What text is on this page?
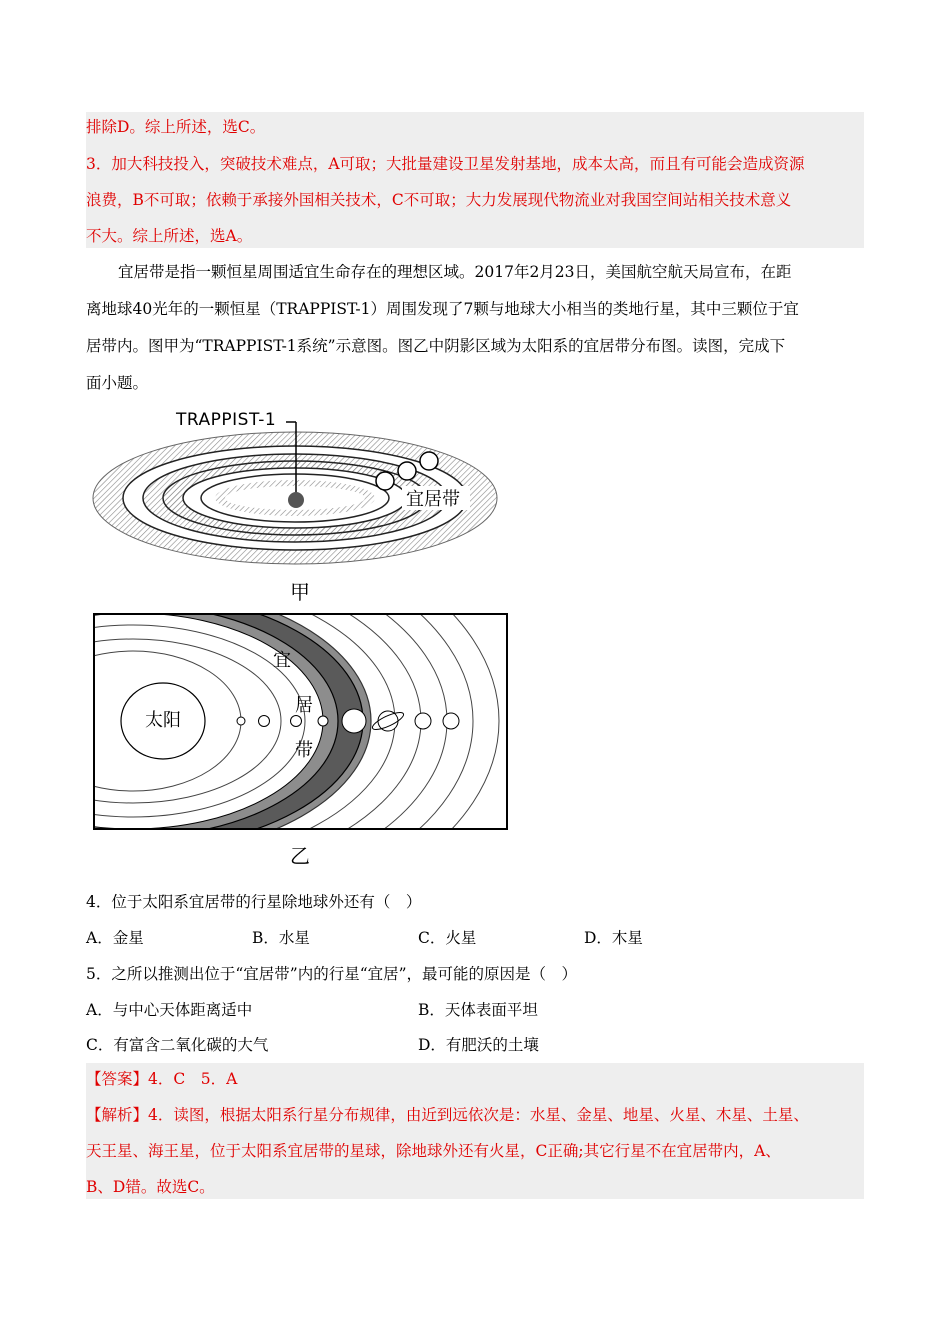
排除D。综上所述，选C。
3．加大科技投入，突破技术难点，A可取；大批量建设卫星发射基地，成本太高，而且有可能会造成资源
浪费，B不可取；依赖于承接外国相关技术，C不可取；大力发展现代物流业对我国空间站相关技术意义
不大。综上所述，选A。
宜居带是指一颗恒星周围适宜生命存在的理想区域。2017年2月23日，美国航空航天局宣布，在距
离地球40光年的一颗恒星（TRAPPIST-1）周围发现了7颗与地球大小相当的类地行星，其中三颗位于宜
居带内。图甲为“TRAPPIST-1系统”示意图。图乙中阴影区域为太阳系的宜居带分布图。读图，完成下
面小题。
宜居带
TRAPPIST-1
甲
太阳
宜
居
带
乙
4．位于太阳系宜居带的行星除地球外还有（　）
A．金星	B．水星	C．火星	D．木星
5．之所以推测出位于“宜居带”内的行星“宜居”，最可能的原因是（　）
A．与中心天体距离适中	B．天体表面平坦
C．有富含二氧化碳的大气	D．有肥沃的土壤
【答案】4．C　5．A
【解析】4．读图，根据太阳系行星分布规律，由近到远依次是：水星、金星、地星、火星、木星、土星、
天王星、海王星，位于太阳系宜居带的星球，除地球外还有火星，C正确;其它行星不在宜居带内，A、
B、D错。故选C。
